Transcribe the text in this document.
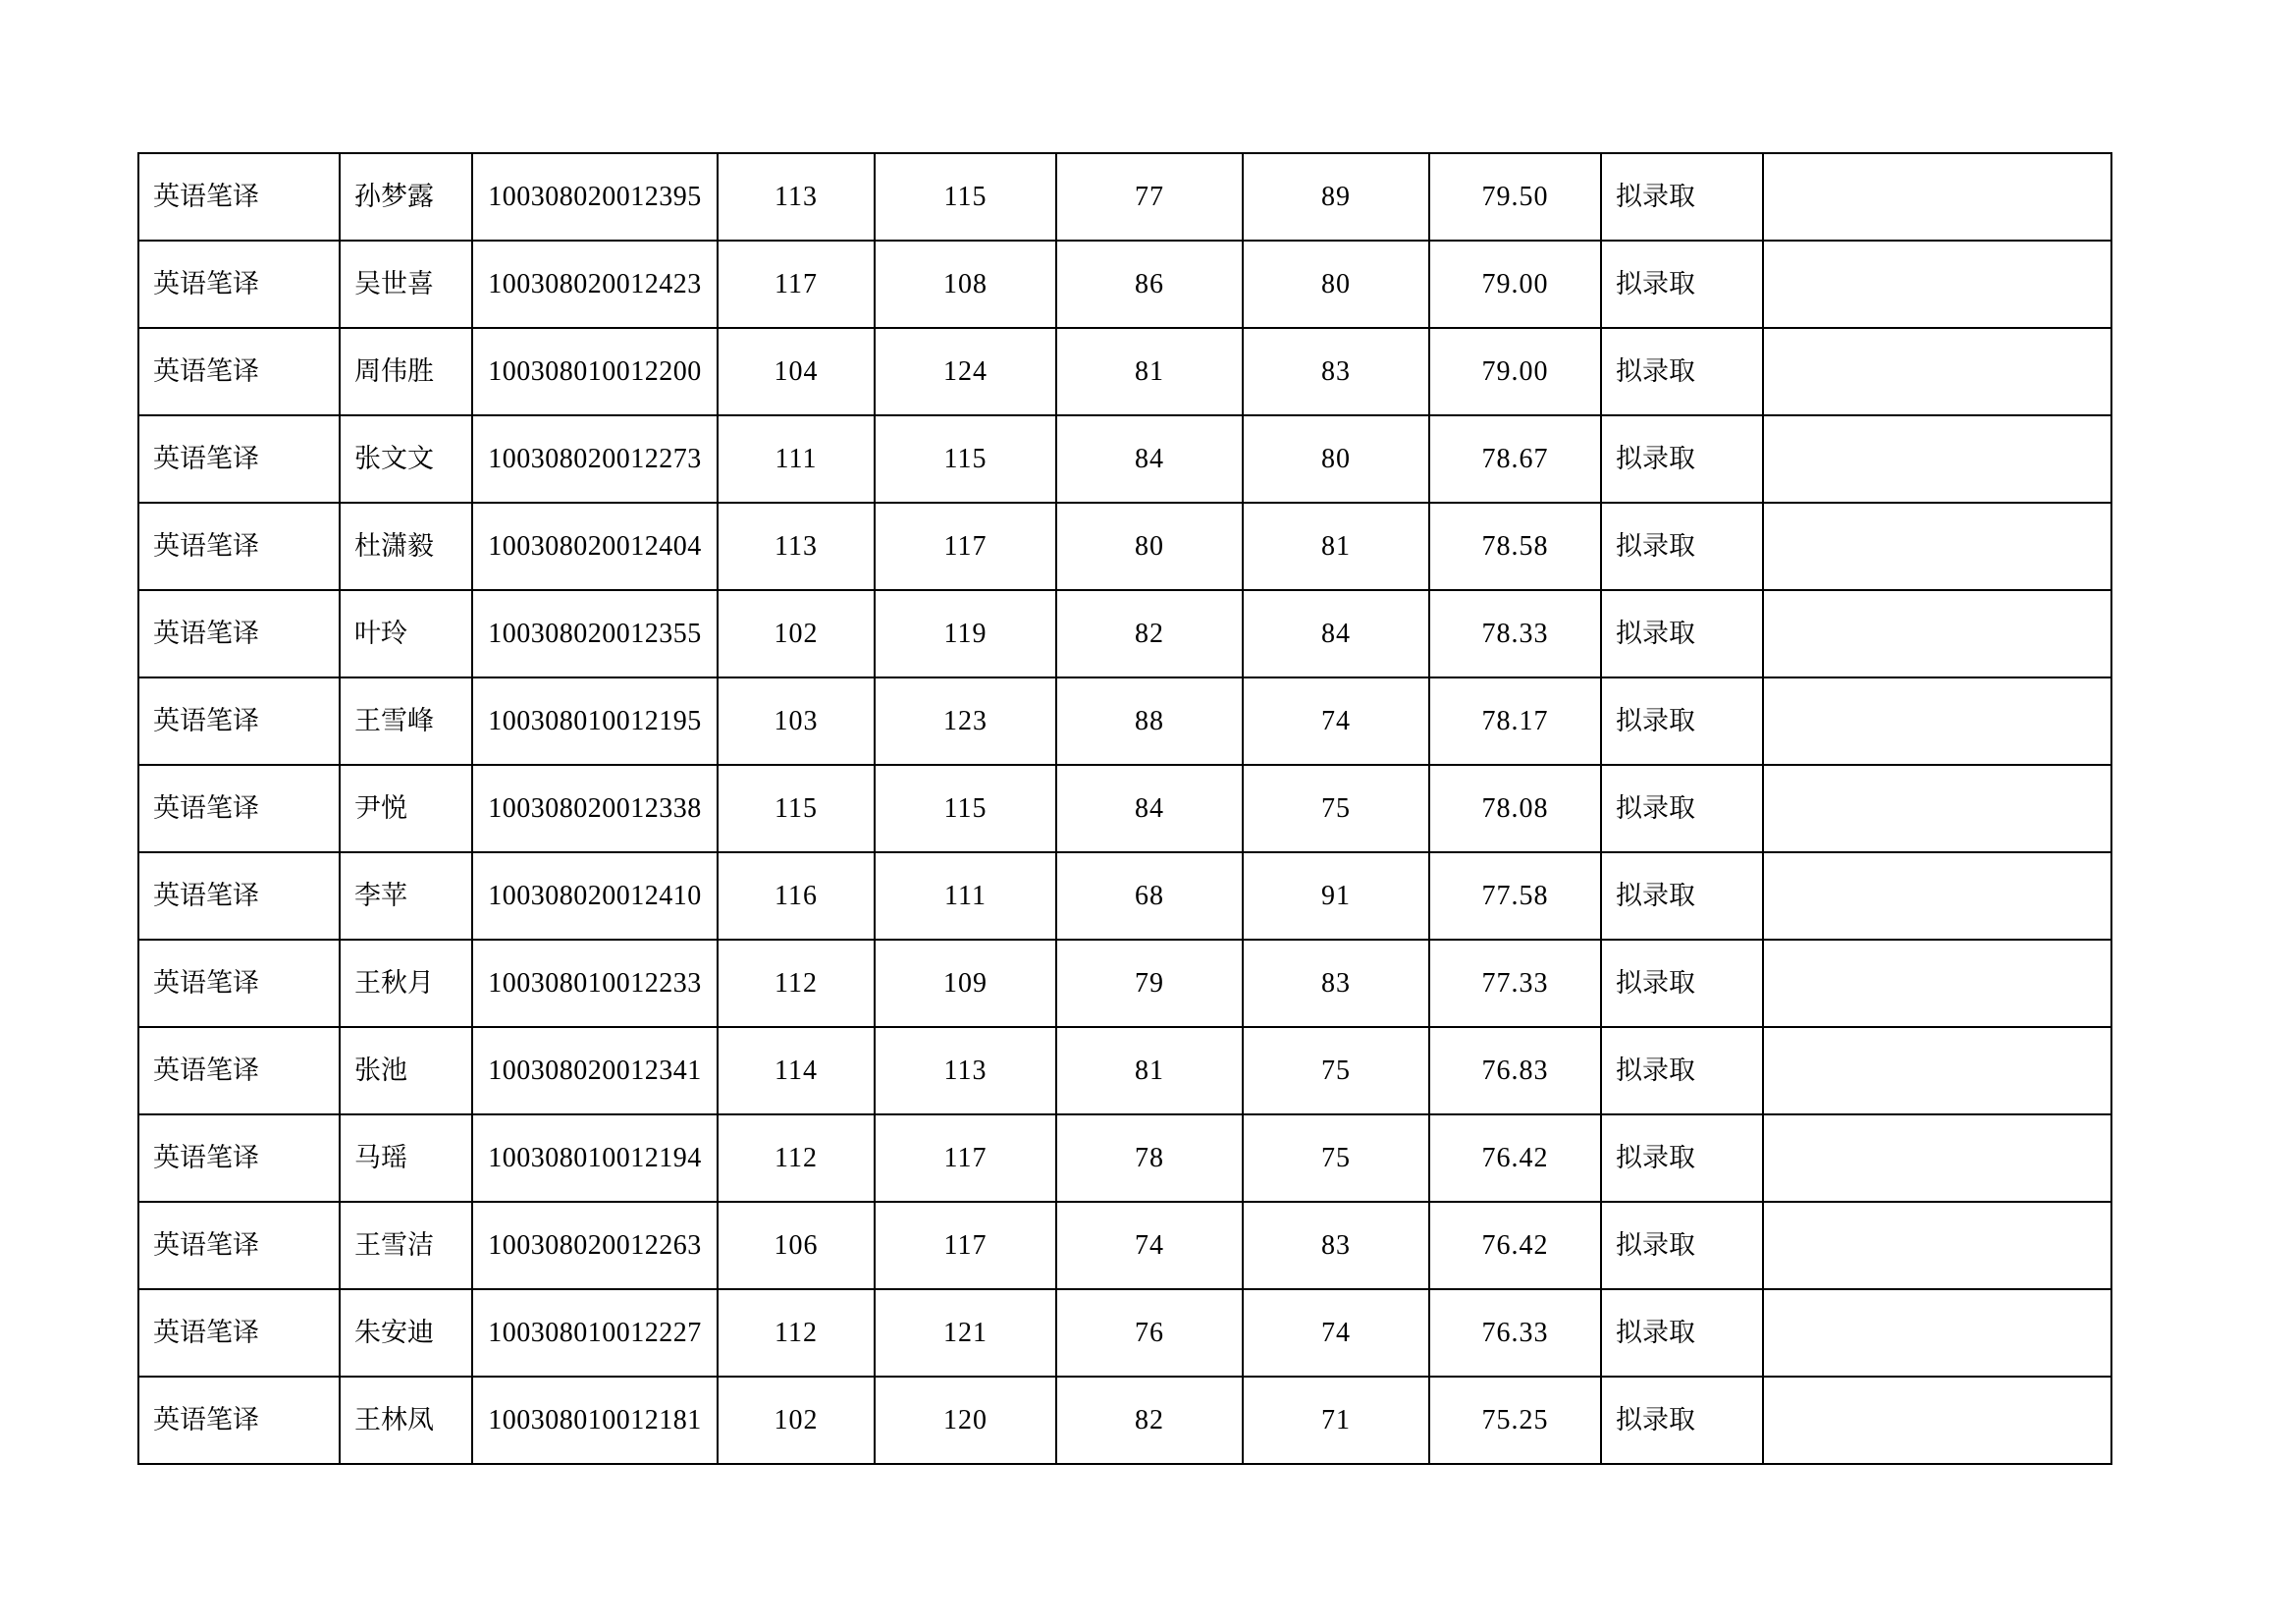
英语笔译	孙梦露	100308020012395	113	115	77	89	79.50	拟录取	

英语笔译	吴世喜	100308020012423	117	108	86	80	79.00	拟录取	

英语笔译	周伟胜	100308010012200	104	124	81	83	79.00	拟录取	

英语笔译	张文文	100308020012273	111	115	84	80	78.67	拟录取	

英语笔译	杜潇毅	100308020012404	113	117	80	81	78.58	拟录取	

英语笔译	叶玲	100308020012355	102	119	82	84	78.33	拟录取	

英语笔译	王雪峰	100308010012195	103	123	88	74	78.17	拟录取	

英语笔译	尹悦	100308020012338	115	115	84	75	78.08	拟录取	

英语笔译	李苹	100308020012410	116	111	68	91	77.58	拟录取	

英语笔译	王秋月	100308010012233	112	109	79	83	77.33	拟录取	

英语笔译	张池	100308020012341	114	113	81	75	76.83	拟录取	

英语笔译	马瑶	100308010012194	112	117	78	75	76.42	拟录取	

英语笔译	王雪洁	100308020012263	106	117	74	83	76.42	拟录取	

英语笔译	朱安迪	100308010012227	112	121	76	74	76.33	拟录取	

英语笔译	王林凤	100308010012181	102	120	82	71	75.25	拟录取	
